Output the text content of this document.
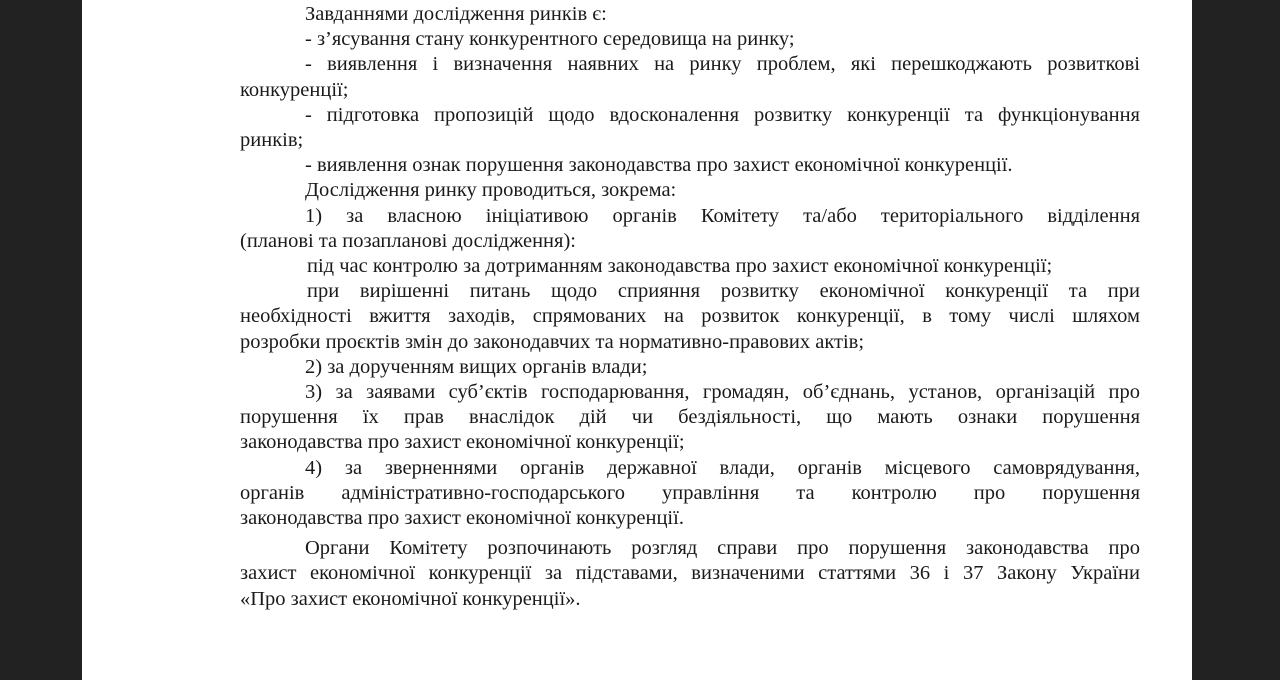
Завданнями дослідження ринків є:
- з’ясування стану конкурентного середовища на ринку;
- виявлення і визначення наявних на ринку проблем, які перешкоджають розвиткові
конкуренції;
- підготовка пропозицій щодо вдосконалення розвитку конкуренції та функціонування
ринків;
- виявлення ознак порушення законодавства про захист економічної конкуренції.
Дослідження ринку проводиться, зокрема:
1) за власною ініціативою органів Комітету та/або територіального відділення
(планові та позапланові дослідження):
під час контролю за дотриманням законодавства про захист економічної конкуренції;
при вирішенні питань щодо сприяння розвитку економічної конкуренції та при
необхідності вжиття заходів, спрямованих на розвиток конкуренції, в тому числі шляхом
розробки проєктів змін до законодавчих та нормативно-правових актів;
2) за дорученням вищих органів влади;
3) за заявами суб’єктів господарювання, громадян, об’єднань, установ, організацій про
порушення їх прав внаслідок дій чи бездіяльності, що мають ознаки порушення
законодавства про захист економічної конкуренції;
4) за зверненнями органів державної влади, органів місцевого самоврядування,
органів адміністративно-господарського управління та контролю про порушення
законодавства про захист економічної конкуренції.
Органи Комітету розпочинають розгляд справи про порушення законодавства про
захист економічної конкуренції за підставами, визначеними статтями 36 і 37 Закону України
«Про захист економічної конкуренції».
